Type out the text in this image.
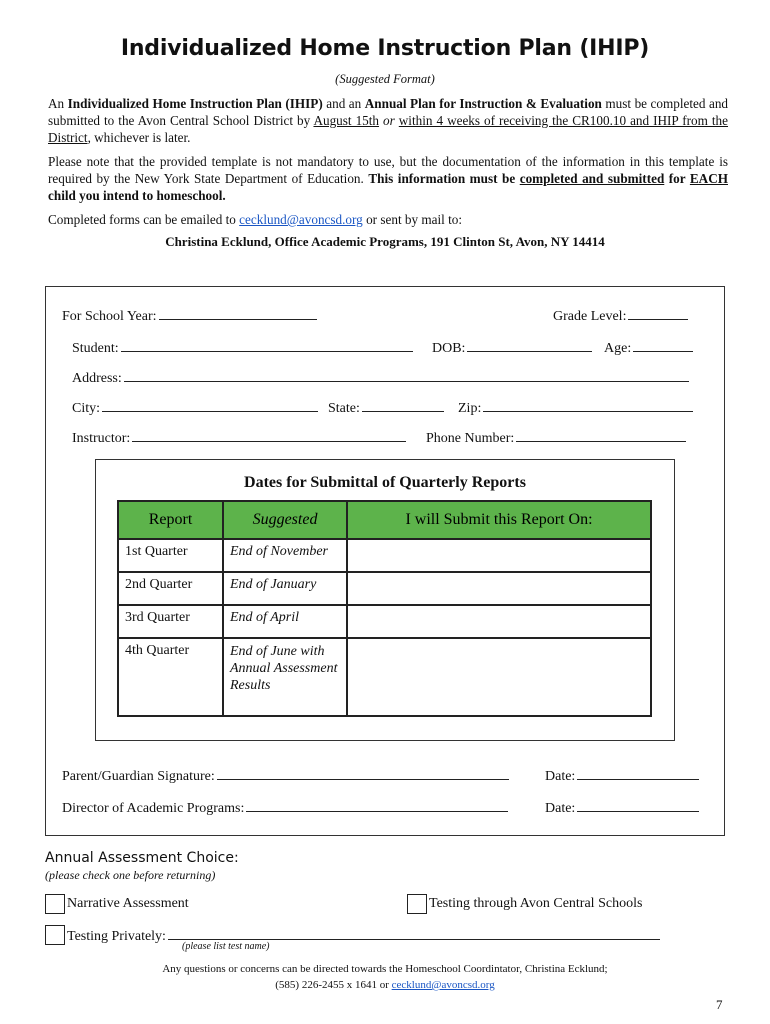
Individualized Home Instruction Plan (IHIP)
(Suggested Format)
An Individualized Home Instruction Plan (IHIP) and an Annual Plan for Instruction & Evaluation must be completed and submitted to the Avon Central School District by August 15th or within 4 weeks of receiving the CR100.10 and IHIP from the District, whichever is later.
Please note that the provided template is not mandatory to use, but the documentation of the information in this template is required by the New York State Department of Education. This information must be completed and submitted for EACH child you intend to homeschool.
Completed forms can be emailed to cecklund@avoncsd.org or sent by mail to:
Christina Ecklund, Office Academic Programs, 191 Clinton St, Avon, NY 14414
For School Year:	Grade Level:
Student:	DOB:	Age:
Address:
City:	State:	Zip:
Instructor:	Phone Number:
Dates for Submittal of Quarterly Reports
Report	Suggested	I will Submit this Report On:
1st Quarter	End of November	
2nd Quarter	End of January	
3rd Quarter	End of April	
4th Quarter	End of June with Annual Assessment Results	
Parent/Guardian Signature:	Date:
Director of Academic Programs:	Date:
Annual Assessment Choice:
(please check one before returning)
Narrative Assessment	Testing through Avon Central Schools
Testing Privately:
(please list test name)
Any questions or concerns can be directed towards the Homeschool Coordintator, Christina Ecklund;
(585) 226-2455 x 1641 or cecklund@avoncsd.org
7
